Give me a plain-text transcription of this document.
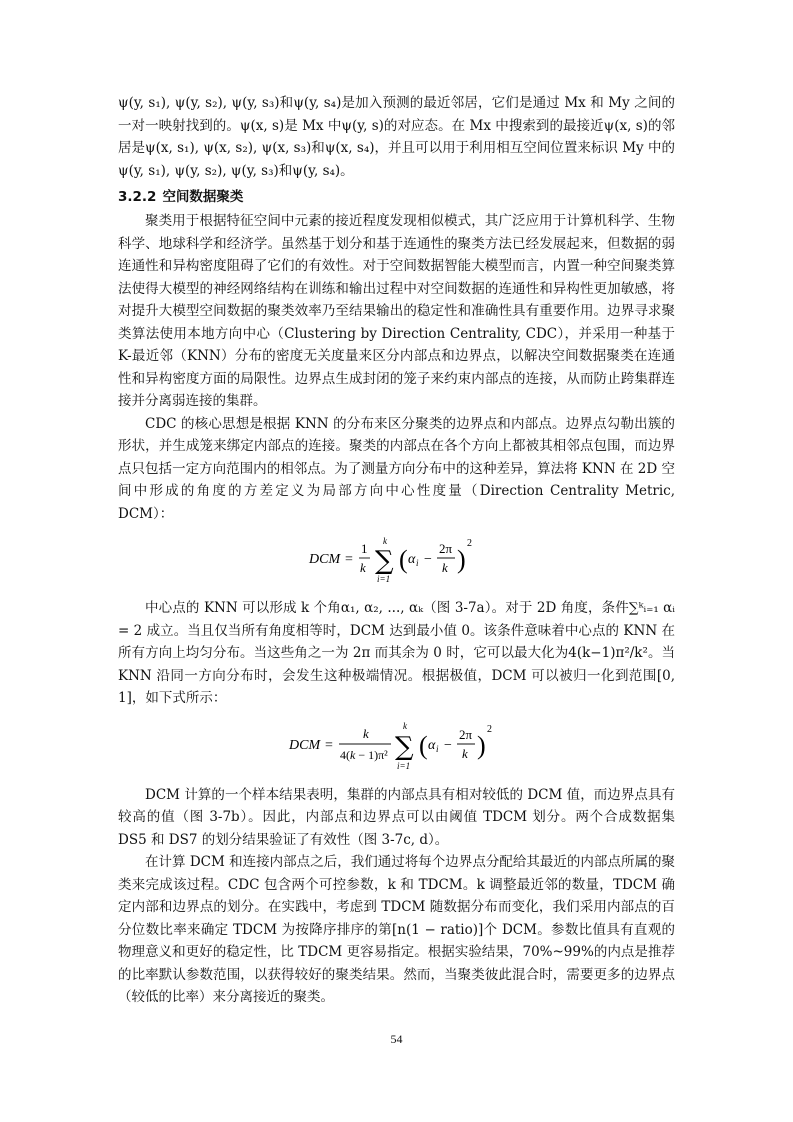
ψ(y, s₁), ψ(y, s₂), ψ(y, s₃)和ψ(y, s₄)是加入预测的最近邻居，它们是通过 Mx 和 My 之间的一对一映射找到的。ψ(x, s)是 Mx 中ψ(y, s)的对应态。在 Mx 中搜索到的最接近ψ(x, s)的邻居是ψ(x, s₁), ψ(x, s₂), ψ(x, s₃)和ψ(x, s₄)，并且可以用于利用相互空间位置来标识 My 中的ψ(y, s₁), ψ(y, s₂), ψ(y, s₃)和ψ(y, s₄)。

3.2.2 空间数据聚类

聚类用于根据特征空间中元素的接近程度发现相似模式，其广泛应用于计算机科学、生物科学、地球科学和经济学。虽然基于划分和基于连通性的聚类方法已经发展起来，但数据的弱连通性和异构密度阻碍了它们的有效性。对于空间数据智能大模型而言，内置一种空间聚类算法使得大模型的神经网络结构在训练和输出过程中对空间数据的连通性和异构性更加敏感，将对提升大模型空间数据的聚类效率乃至结果输出的稳定性和准确性具有重要作用。边界寻求聚类算法使用本地方向中心（Clustering by Direction Centrality, CDC），并采用一种基于 K-最近邻（KNN）分布的密度无关度量来区分内部点和边界点，以解决空间数据聚类在连通性和异构密度方面的局限性。边界点生成封闭的笼子来约束内部点的连接，从而防止跨集群连接并分离弱连接的集群。

CDC 的核心思想是根据 KNN 的分布来区分聚类的边界点和内部点。边界点勾勒出簇的形状，并生成笼来绑定内部点的连接。聚类的内部点在各个方向上都被其相邻点包围，而边界点只包括一定方向范围内的相邻点。为了测量方向分布中的这种差异，算法将 KNN 在 2D 空间中形成的角度的方差定义为局部方向中心性度量（Direction Centrality Metric, DCM）：

DCM =
1
k ∑
k
i=1
( α i −
2π
k )
2

中心点的 KNN 可以形成 k 个角α₁, α₂, ..., αₖ（图 3-7a）。对于 2D 角度，条件∑ᵏᵢ₌₁ αᵢ = 2 成立。当且仅当所有角度相等时，DCM 达到最小值 0。该条件意味着中心点的 KNN 在所有方向上均匀分布。当这些角之一为 2π 而其余为 0 时，它可以最大化为4(k−1)π²/k²。当 KNN 沿同一方向分布时，会发生这种极端情况。根据极值，DCM 可以被归一化到范围[0, 1]，如下式所示：

DCM =
k
4(k − 1)π² ∑
k
i=1
( α i −
2π
k )
2

DCM 计算的一个样本结果表明，集群的内部点具有相对较低的 DCM 值，而边界点具有较高的值（图 3-7b）。因此，内部点和边界点可以由阈值 TDCM 划分。两个合成数据集 DS5 和 DS7 的划分结果验证了有效性（图 3-7c, d）。

在计算 DCM 和连接内部点之后，我们通过将每个边界点分配给其最近的内部点所属的聚类来完成该过程。CDC 包含两个可控参数，k 和 TDCM。k 调整最近邻的数量，TDCM 确定内部和边界点的划分。在实践中，考虑到 TDCM 随数据分布而变化，我们采用内部点的百分位数比率来确定 TDCM 为按降序排序的第[n(1 − ratio)]个 DCM。参数比值具有直观的物理意义和更好的稳定性，比 TDCM 更容易指定。根据实验结果，70%~99%的内点是推荐的比率默认参数范围，以获得较好的聚类结果。然而，当聚类彼此混合时，需要更多的边界点（较低的比率）来分离接近的聚类。

54
